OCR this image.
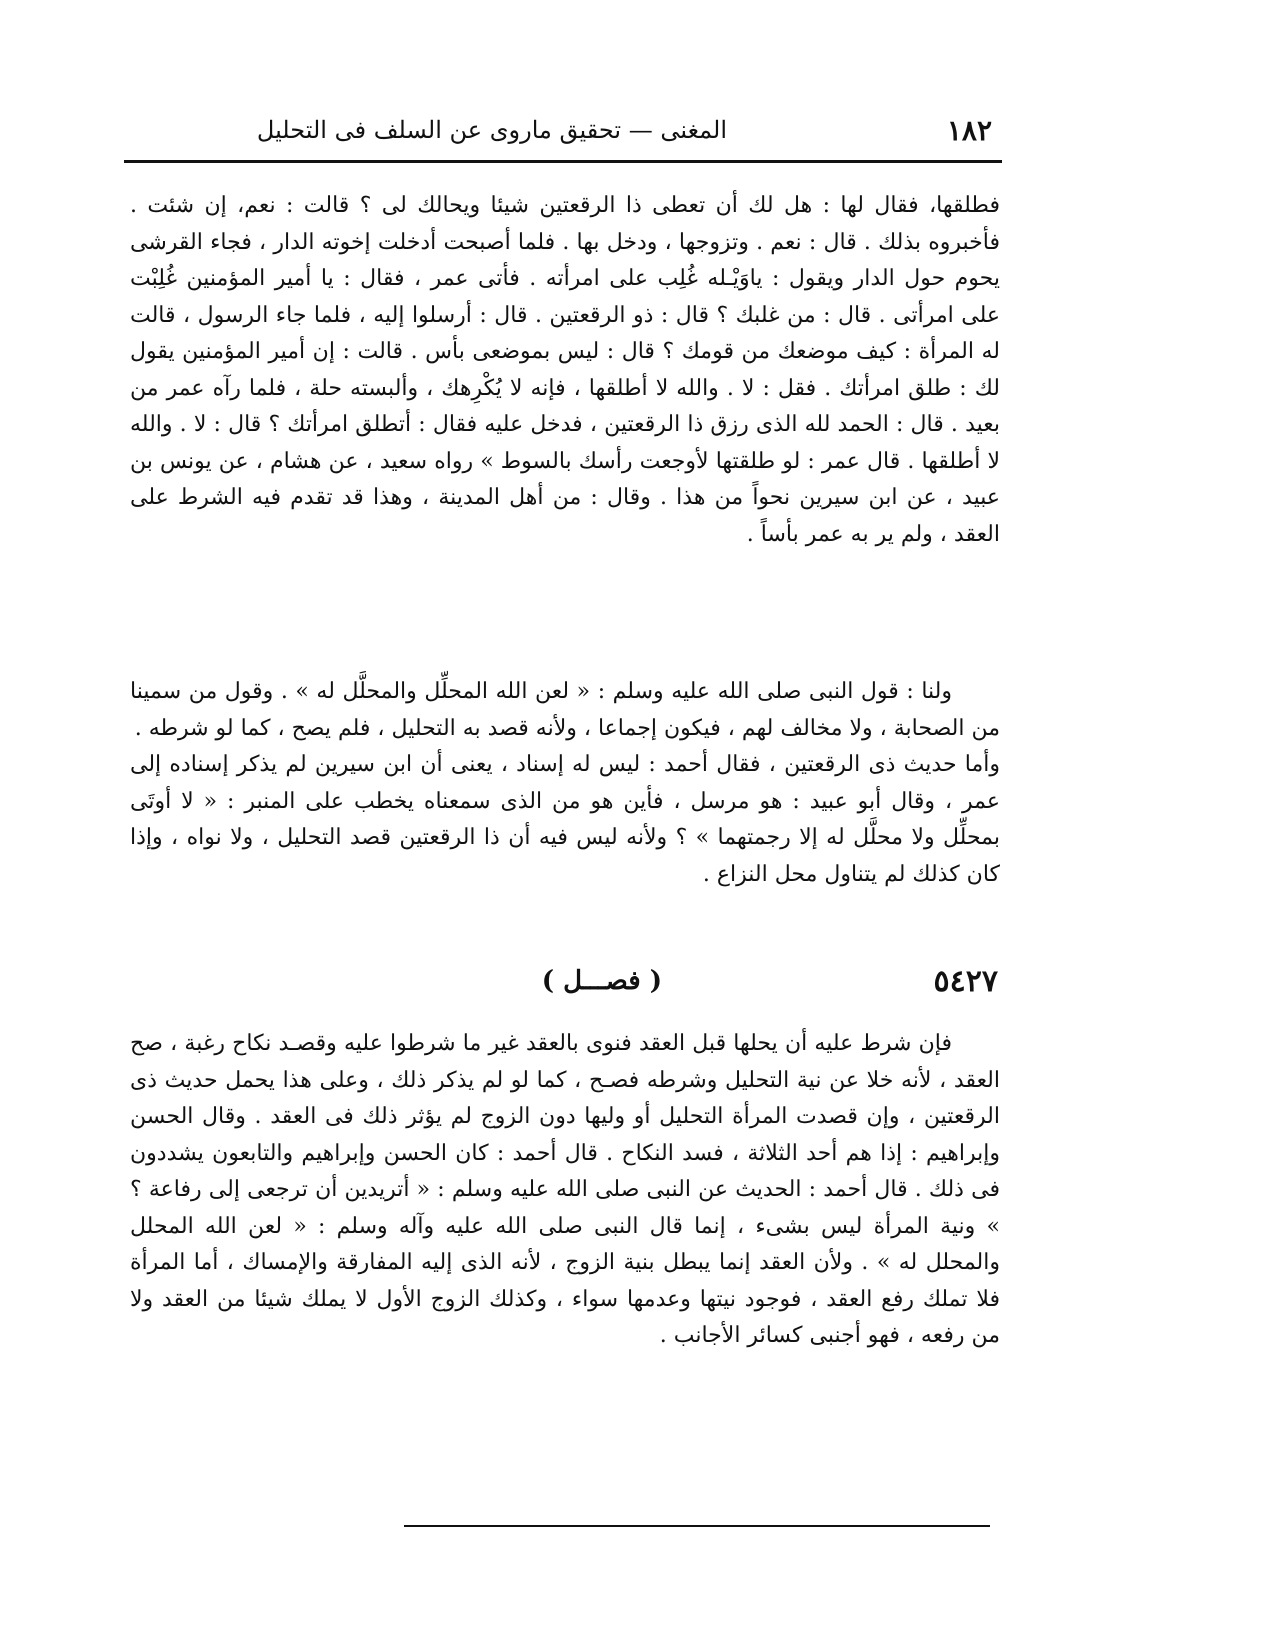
١٨٢
المغنى — تحقيق ماروى عن السلف فى التحليل

فطلقها، فقال لها : هل لك أن تعطى ذا الرقعتين شيئا ويحالك لى ؟ قالت : نعم، إن شئت . فأخبروه بذلك . قال : نعم . وتزوجها ، ودخل بها . فلما أصبحت أدخلت إخوته الدار ، فجاء القرشى يحوم حول الدار ويقول : ياوَيْـله غُلِب على امرأته . فأتى عمر ، فقال : يا أمير المؤمنين غُلِبْت على امرأتى . قال : من غلبك ؟ قال : ذو الرقعتين . قال : أرسلوا إليه ، فلما جاء الرسول ، قالت له المرأة : كيف موضعك من قومك ؟ قال : ليس بموضعى بأس . قالت : إن أمير المؤمنين يقول لك : طلق امرأتك . فقل : لا . والله لا أطلقها ، فإنه لا يُكْرِهك ، وألبسته حلة ، فلما رآه عمر من بعيد . قال : الحمد لله الذى رزق ذا الرقعتين ، فدخل عليه فقال : أتطلق امرأتك ؟ قال : لا . والله لا أطلقها . قال عمر : لو طلقتها لأوجعت رأسك بالسوط » رواه سعيد ، عن هشام ، عن يونس بن عبيد ، عن ابن سيرين نحواً من هذا . وقال : من أهل المدينة ، وهذا قد تقدم فيه الشرط على العقد ، ولم ير به عمر بأساً .

ولنا : قول النبى صلى الله عليه وسلم : « لعن الله المحلِّل والمحلَّل له » . وقول من سمينا من الصحابة ، ولا مخالف لهم ، فيكون إجماعا ، ولأنه قصد به التحليل ، فلم يصح ، كما لو شرطه .

وأما حديث ذى الرقعتين ، فقال أحمد : ليس له إسناد ، يعنى أن ابن سيرين لم يذكر إسناده إلى عمر ، وقال أبو عبيد : هو مرسل ، فأين هو من الذى سمعناه يخطب على المنبر : « لا أوتَى بمحلِّل ولا محلَّل له إلا رجمتهما » ؟ ولأنه ليس فيه أن ذا الرقعتين قصد التحليل ، ولا نواه ، وإذا كان كذلك لم يتناول محل النزاع .

٥٤٢٧
( فصـــل )

فإن شرط عليه أن يحلها قبل العقد فنوى بالعقد غير ما شرطوا عليه وقصـد نكاح رغبة ، صح العقد ، لأنه خلا عن نية التحليل وشرطه فصـح ، كما لو لم يذكر ذلك ، وعلى هذا يحمل حديث ذى الرقعتين ، وإن قصدت المرأة التحليل أو وليها دون الزوج لم يؤثر ذلك فى العقد . وقال الحسن وإبراهيم : إذا هم أحد الثلاثة ، فسد النكاح . قال أحمد : كان الحسن وإبراهيم والتابعون يشددون فى ذلك . قال أحمد : الحديث عن النبى صلى الله عليه وسلم : « أتريدين أن ترجعى إلى رفاعة ؟ » ونية المرأة ليس بشىء ، إنما قال النبى صلى الله عليه وآله وسلم : « لعن الله المحلل والمحلل له » . ولأن العقد إنما يبطل بنية الزوج ، لأنه الذى إليه المفارقة والإمساك ، أما المرأة فلا تملك رفع العقد ، فوجود نيتها وعدمها سواء ، وكذلك الزوج الأول لا يملك شيئا من العقد ولا من رفعه ، فهو أجنبى كسائر الأجانب .
